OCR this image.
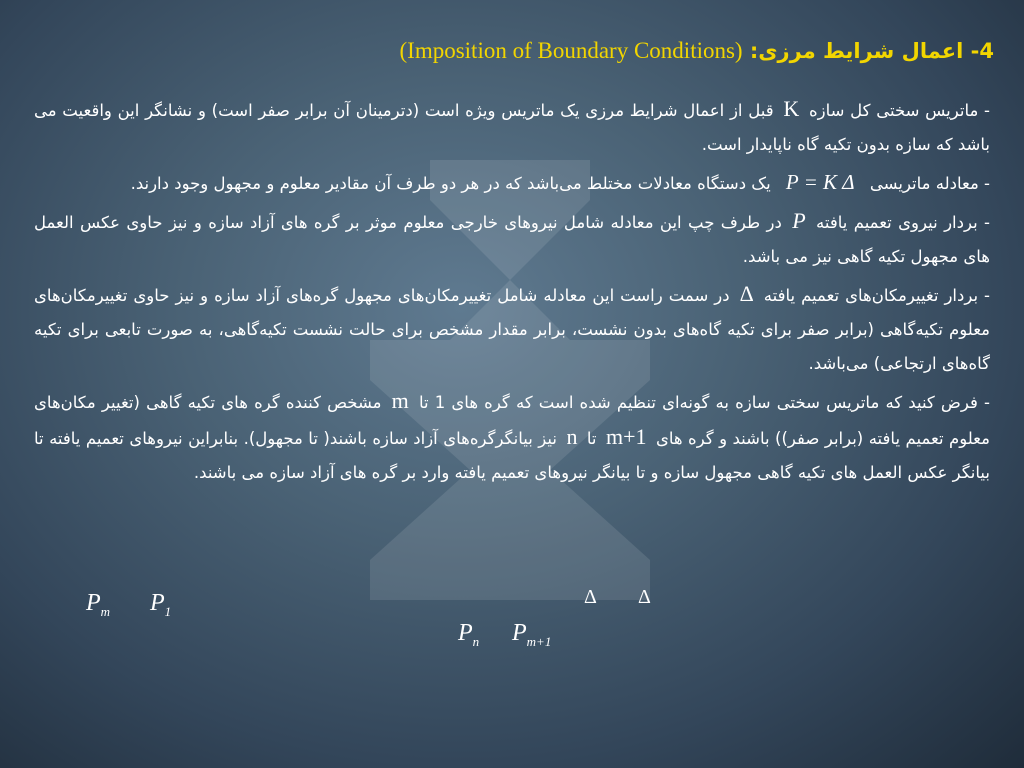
4- اعمال شرایط مرزی: (Imposition of Boundary Conditions)

- ماتریس سختی کل سازه K قبل از اعمال شرایط مرزی یک ماتریس ویژه است (دترمینان آن برابر صفر است) و نشانگر این واقعیت می باشد که سازه بدون تکیه گاه ناپایدار است.

- معادله ماتریسی P = K Δ یک دستگاه معادلات مختلط می‌باشد که در هر دو طرف آن مقادیر معلوم و مجهول وجود دارند.

- بردار نیروی تعمیم یافته P در طرف چپ این معادله شامل نیروهای خارجی معلوم موثر بر گره های آزاد سازه و نیز حاوی عکس العمل های مجهول تکیه گاهی نیز می باشد.

- بردار تغییرمکان‌های تعمیم یافته Δ در سمت راست این معادله شامل تغییرمکان‌های مجهول گره‌های آزاد سازه و نیز حاوی تغییرمکان‌های معلوم تکیه‌گاهی (برابر صفر برای تکیه گاه‌های بدون نشست، برابر مقدار مشخص برای حالت نشست تکیه‌گاهی، به صورت تابعی برای تکیه گاه‌های ارتجاعی) می‌باشد.

- فرض کنید که ماتریس سختی سازه به گونه‌ای تنظیم شده است که گره های 1 تا m مشخص کننده گره های تکیه گاهی (تغییر مکان‌های معلوم تعمیم یافته (برابر صفر)) باشند و گره های m+1 تا n نیز بیانگرگره‌های آزاد سازه باشند( تا مجهول). بنابراین نیروهای تعمیم یافته تا بیانگر عکس العمل های تکیه گاهی مجهول سازه و تا بیانگر نیروهای تعمیم یافته وارد بر گره های آزاد سازه می باشند.

$P_m$ $P_1$
$P_n$ $P_{m+1}$
Δ Δ
